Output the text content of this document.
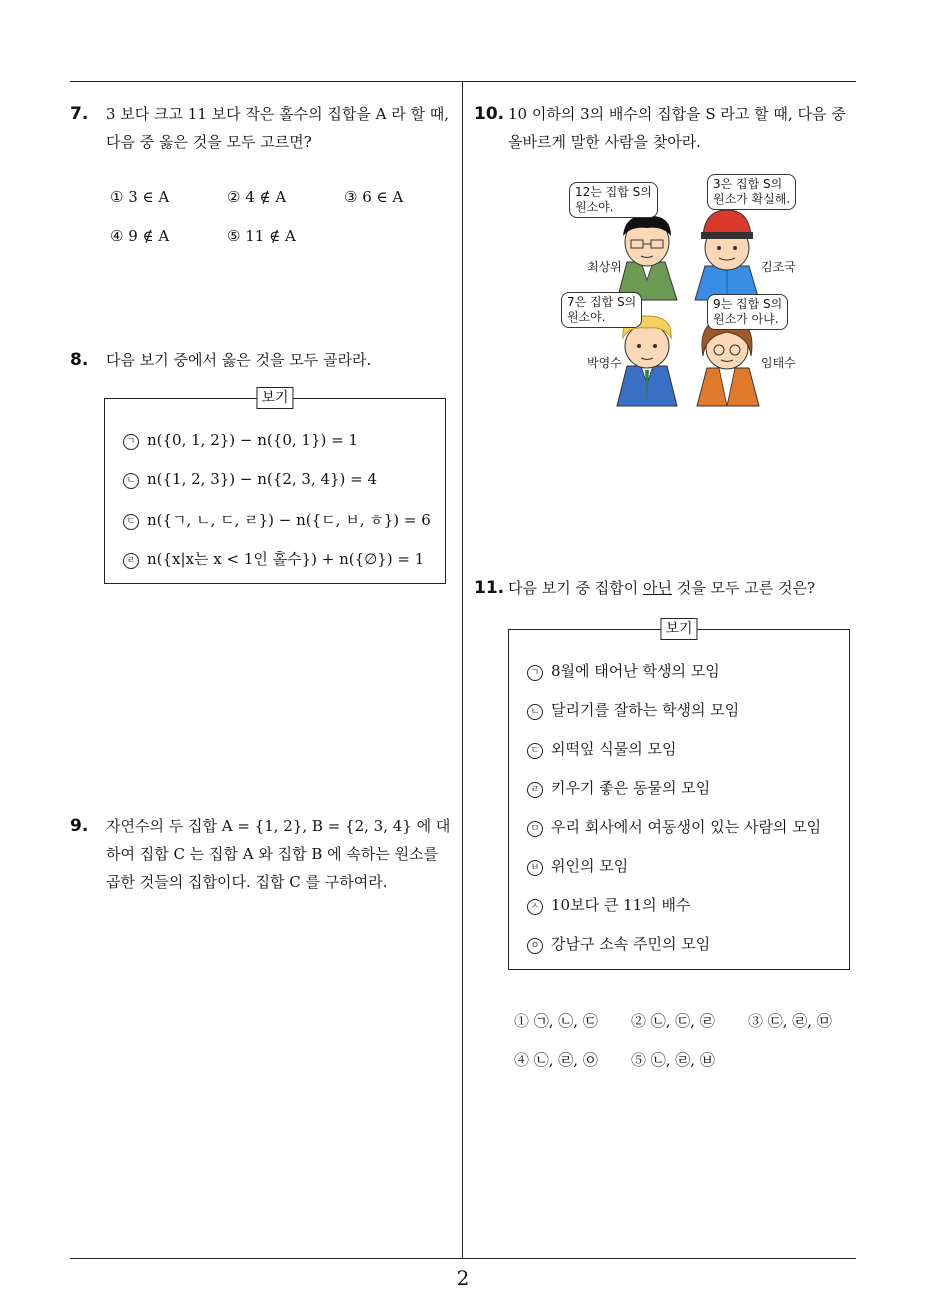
2
7. 3 보다 크고 11 보다 작은 홀수의 집합을 A 라 할 때,
다음 중 옳은 것을 모두 고르면?
① 3 ∈ A	② 4 ∉ A	③ 6 ∈ A
④ 9 ∉ A	⑤ 11 ∉ A
8. 다음 보기 중에서 옳은 것을 모두 골라라.
보기
ㄱ n({0, 1, 2}) − n({0, 1}) = 1
ㄴ n({1, 2, 3}) − n({2, 3, 4}) = 4
ㄷ n({ㄱ, ㄴ, ㄷ, ㄹ}) − n({ㄷ, ㅂ, ㅎ}) = 6
ㄹ n({x|x는 x < 1인 홀수}) + n({∅}) = 1
9. 자연수의 두 집합 A = {1, 2}, B = {2, 3, 4} 에 대
하여 집합 C 는 집합 A 와 집합 B 에 속하는 원소를
곱한 것들의 집합이다. 집합 C 를 구하여라.
10. 10 이하의 3의 배수의 집합을 S 라고 할 때, 다음 중
올바르게 말한 사람을 찾아라.
12는 집합 S의
원소야.
3은 집합 S의
원소가 확실해.
7은 집합 S의
원소야.
9는 집합 S의
원소가 아냐.
최상위	김조국
박영수	임태수
11. 다음 보기 중 집합이 아닌 것을 모두 고른 것은?
보기
ㄱ 8월에 태어난 학생의 모임
ㄴ 달리기를 잘하는 학생의 모임
ㄷ 외떡잎 식물의 모임
ㄹ 키우기 좋은 동물의 모임
ㅁ 우리 회사에서 여동생이 있는 사람의 모임
ㅂ 위인의 모임
ㅅ 10보다 큰 11의 배수
ㅇ 강남구 소속 주민의 모임
① ㉠, ㉡, ㉢ ② ㉡, ㉢, ㉣ ③ ㉢, ㉣, ㉤
④ ㉡, ㉣, ㉧ ⑤ ㉡, ㉣, ㉥
